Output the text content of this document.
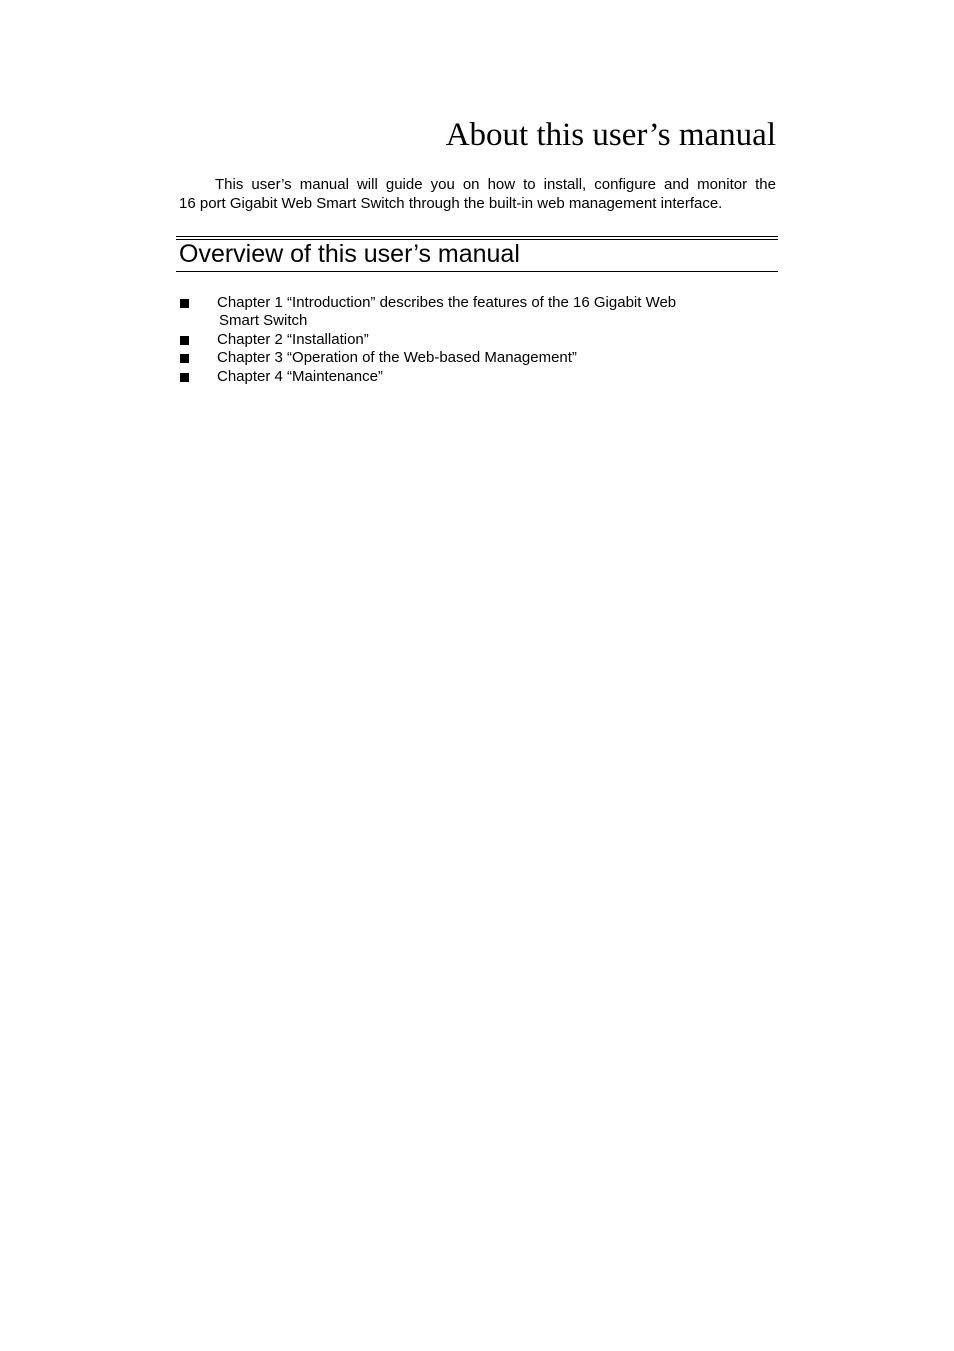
About this user’s manual

This user’s manual will guide you on how to install, configure and monitor the
16 port Gigabit Web Smart Switch through the built-in web management interface.

Overview of this user’s manual
Chapter 1 “Introduction” describes the features of the 16 Gigabit Web
Smart Switch
Chapter 2 “Installation”
Chapter 3 “Operation of the Web-based Management”
Chapter 4 “Maintenance”
